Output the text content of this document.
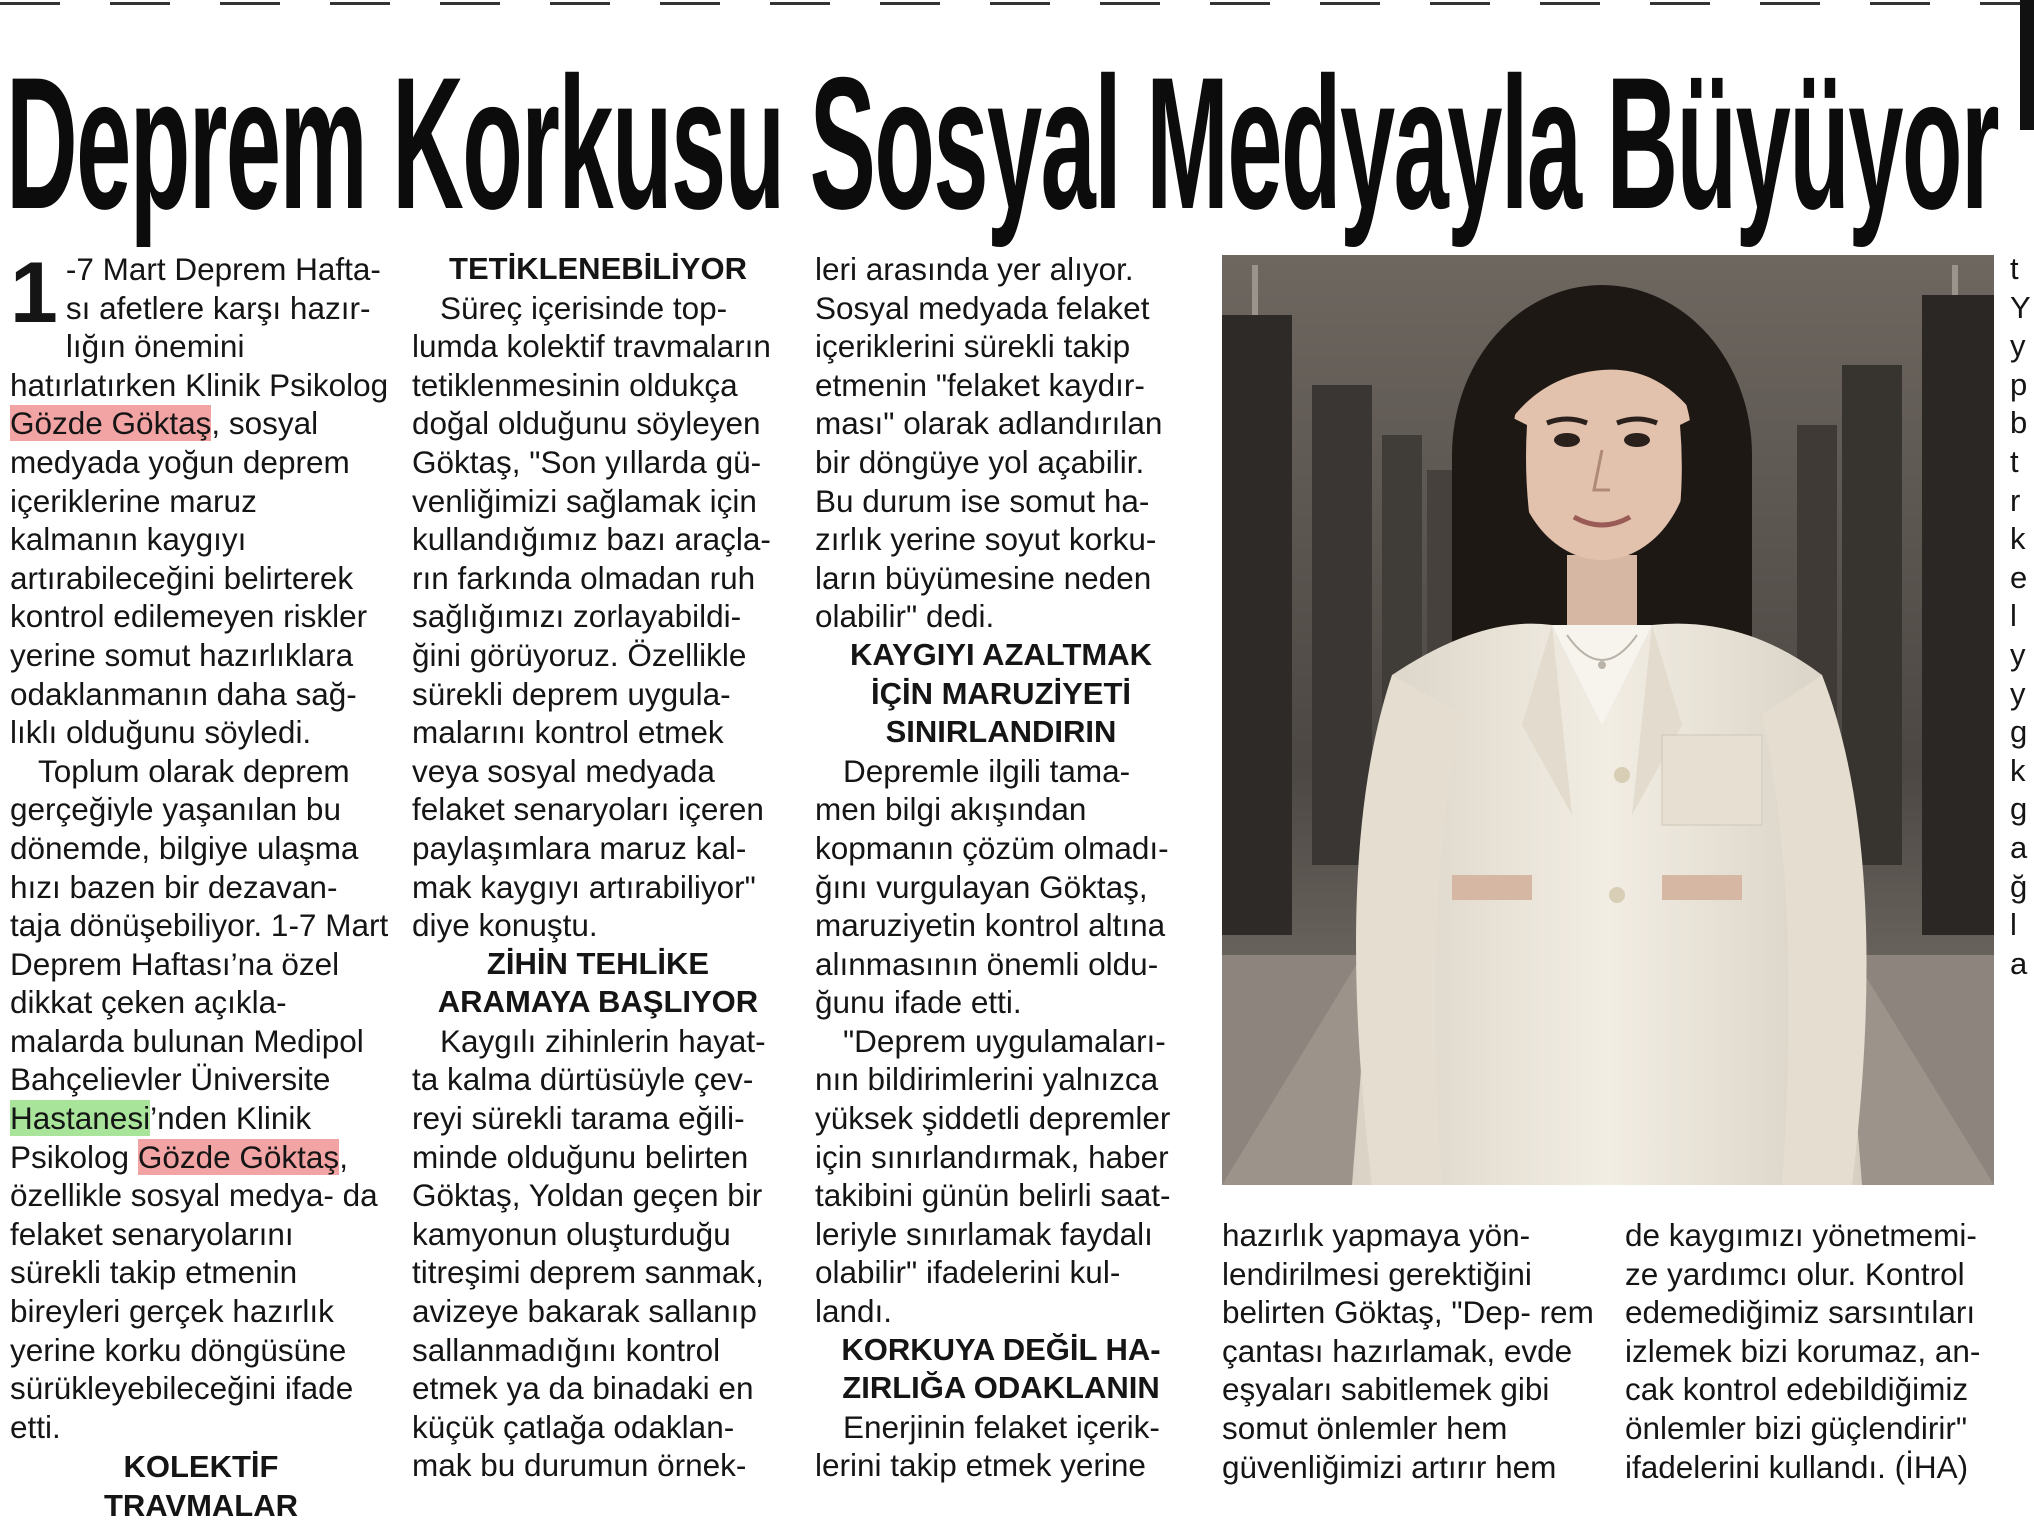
Deprem Korkusu Sosyal Medyayla Büyüyor

1 -7 Mart Deprem Hafta- sı afetlere karşı hazır- lığın önemini hatırlatırken Klinik Psikolog Gözde Göktaş, sosyal medyada yoğun deprem içeriklerine maruz kalmanın kaygıyı artırabileceğini belirterek kontrol edilemeyen riskler yerine somut hazırlıklara odaklanmanın daha sağ- lıklı olduğunu söyledi.

Toplum olarak deprem gerçeğiyle yaşanılan bu dönemde, bilgiye ulaşma hızı bazen bir dezavan- taja dönüşebiliyor. 1-7 Mart Deprem Haftası’na özel dikkat çeken açıkla- malarda bulunan Medipol Bahçelievler Üniversite Hastanesi’nden Klinik Psikolog Gözde Göktaş, özellikle sosyal medya- da felaket senaryolarını sürekli takip etmenin bireyleri gerçek hazırlık yerine korku döngüsüne sürükleyebileceğini ifade etti.

KOLEKTİF TRAVMALAR

TETİKLENEBİLİYOR

Süreç içerisinde top- lumda kolektif travmaların tetiklenmesinin oldukça doğal olduğunu söyleyen Göktaş, "Son yıllarda gü- venliğimizi sağlamak için kullandığımız bazı araçla- rın farkında olmadan ruh sağlığımızı zorlayabildi- ğini görüyoruz. Özellikle sürekli deprem uygula- malarını kontrol etmek veya sosyal medyada felaket senaryoları içeren paylaşımlara maruz kal- mak kaygıyı artırabiliyor" diye konuştu.

ZİHİN TEHLİKE ARAMAYA BAŞLIYOR

Kaygılı zihinlerin hayat- ta kalma dürtüsüyle çev- reyi sürekli tarama eğili- minde olduğunu belirten Göktaş, Yoldan geçen bir kamyonun oluşturduğu titreşimi deprem sanmak, avizeye bakarak sallanıp sallanmadığını kontrol etmek ya da binadaki en küçük çatlağa odaklan- mak bu durumun örnek-

leri arasında yer alıyor. Sosyal medyada felaket içeriklerini sürekli takip etmenin "felaket kaydır- ması" olarak adlandırılan bir döngüye yol açabilir. Bu durum ise somut ha- zırlık yerine soyut korku- ların büyümesine neden olabilir" dedi.

KAYGIYI AZALTMAK İÇİN MARUZİYETİ SINIRLANDIRIN

Depremle ilgili tama- men bilgi akışından kopmanın çözüm olmadı- ğını vurgulayan Göktaş, maruziyetin kontrol altına alınmasının önemli oldu- ğunu ifade etti.

"Deprem uygulamaları- nın bildirimlerini yalnızca yüksek şiddetli depremler için sınırlandırmak, haber takibini günün belirli saat- leriyle sınırlamak faydalı olabilir" ifadelerini kul- landı.

KORKUYA DEĞİL HA- ZIRLIĞA ODAKLANIN

Enerjinin felaket içerik- lerini takip etmek yerine

hazırlık yapmaya yön- lendirilmesi gerektiğini belirten Göktaş, "Dep- rem çantası hazırlamak, evde eşyaları sabitlemek gibi somut önlemler hem güvenliğimizi artırır hem

de kaygımızı yönetmemi- ze yardımcı olur. Kontrol edemediğimiz sarsıntıları izlemek bizi korumaz, an- cak kontrol edebildiğimiz önlemler bizi güçlendirir" ifadelerini kullandı. (İHA)

t Y y p b t r k e l y y g k g a ğ l a
